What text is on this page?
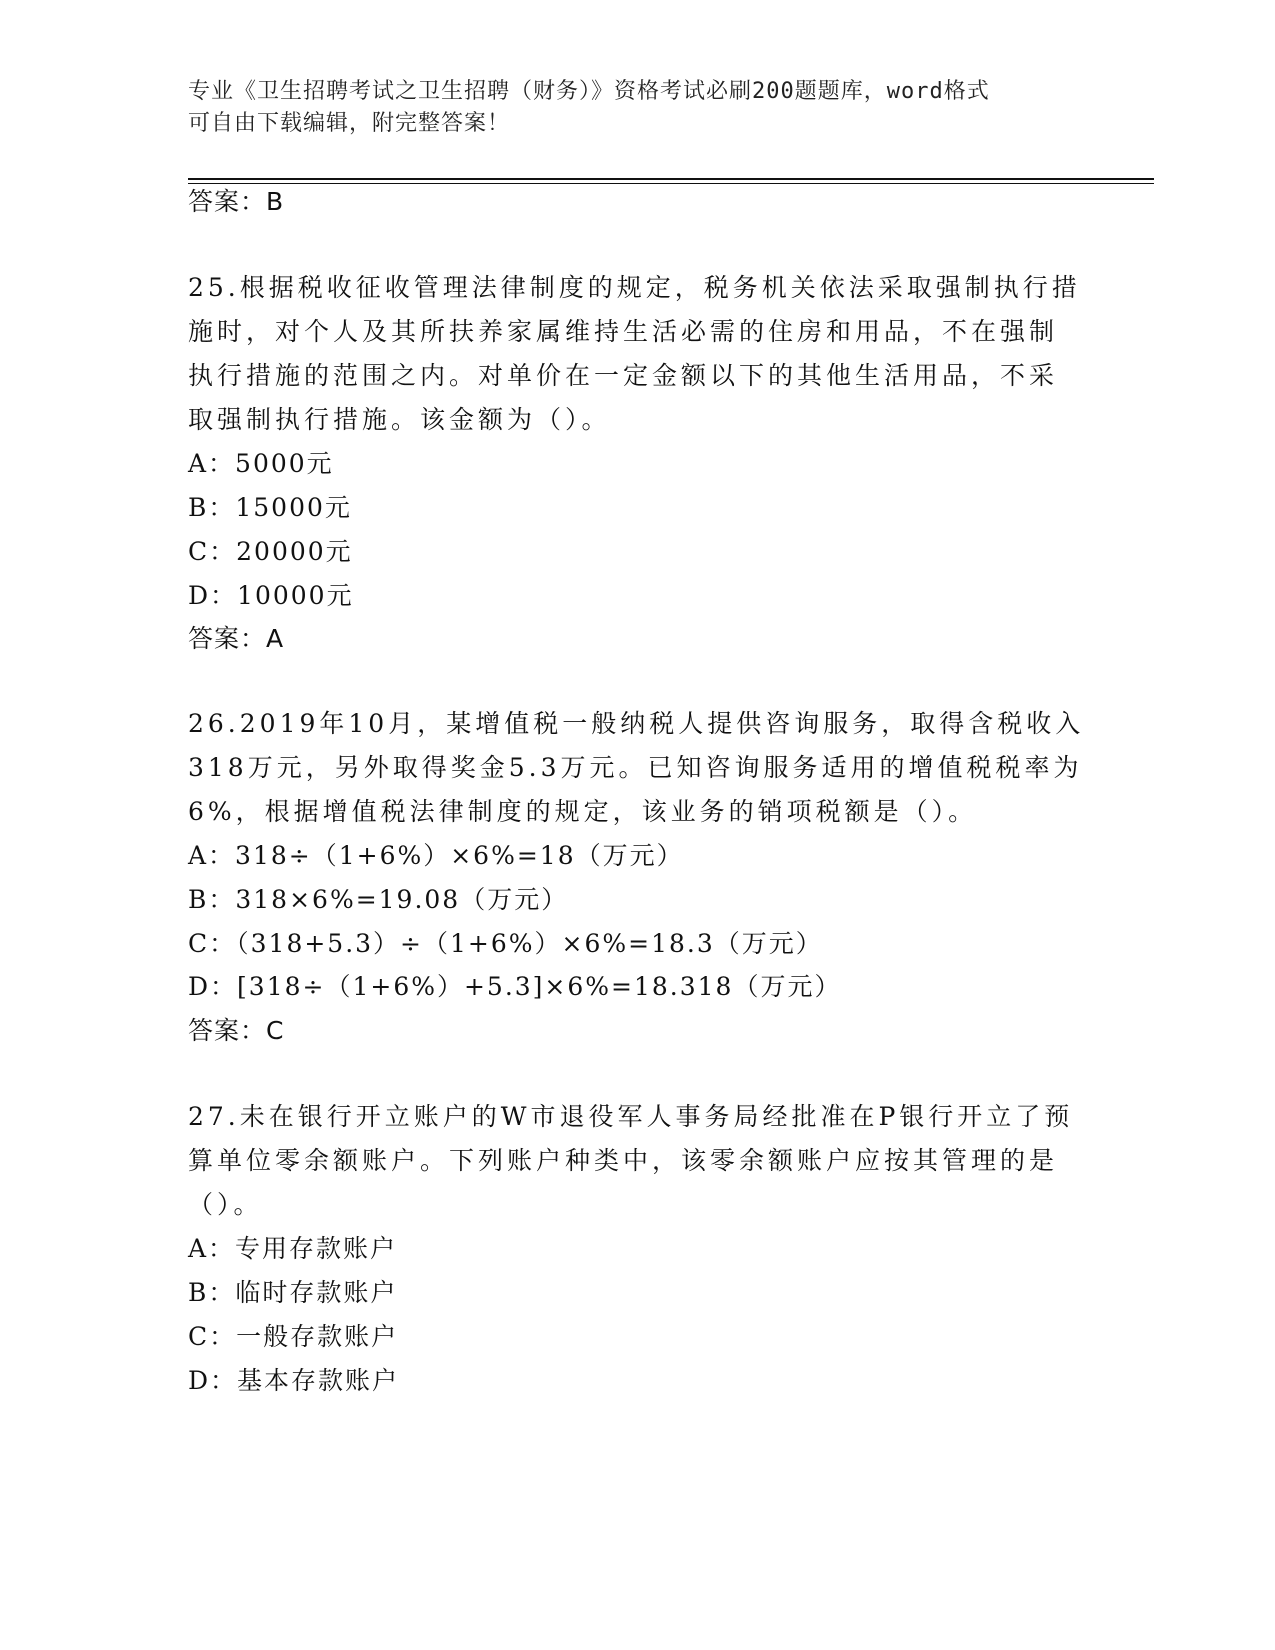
专业《卫生招聘考试之卫生招聘（财务）》资格考试必刷200题题库，word格式
可自由下载编辑，附完整答案！
答案：B
25.根据税收征收管理法律制度的规定，税务机关依法采取强制执行措
施时，对个人及其所扶养家属维持生活必需的住房和用品，不在强制
执行措施的范围之内。对单价在一定金额以下的其他生活用品，不采
取强制执行措施。该金额为（）。
A：5000元
B：15000元
C：20000元
D：10000元
答案：A
26.2019年10月，某增值税一般纳税人提供咨询服务，取得含税收入
318万元，另外取得奖金5.3万元。已知咨询服务适用的增值税税率为
6%，根据增值税法律制度的规定，该业务的销项税额是（）。
A：318÷（1+6%）×6%=18（万元）
B：318×6%=19.08（万元）
C：（318+5.3）÷（1+6%）×6%=18.3（万元）
D：[318÷（1+6%）+5.3]×6%=18.318（万元）
答案：C
27.未在银行开立账户的W市退役军人事务局经批准在P银行开立了预
算单位零余额账户。下列账户种类中，该零余额账户应按其管理的是
（）。
A：专用存款账户
B：临时存款账户
C：一般存款账户
D：基本存款账户
